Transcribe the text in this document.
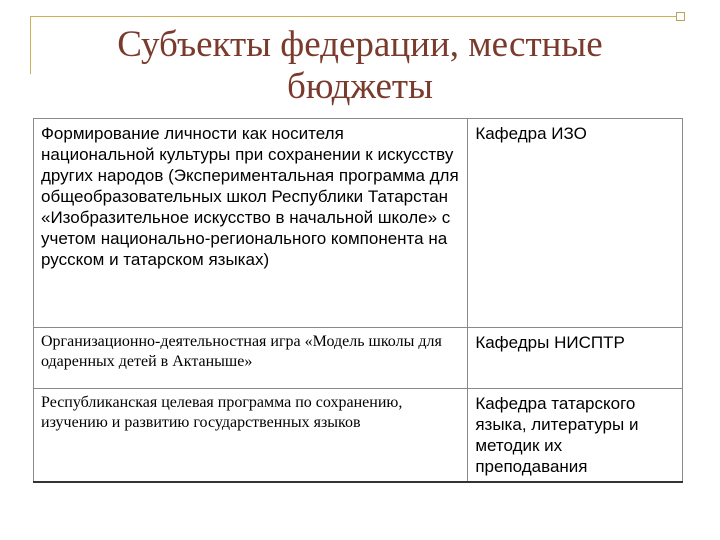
Субъекты федерации, местные
бюджеты
Формирование личности как носителя национальной культуры при сохранении к искусству других народов (Экспериментальная программа для общеобразовательных школ Республики Татарстан «Изобразительное искусство в начальной школе» с учетом национально-регионального компонента на русском и татарском языках)	Кафедра ИЗО
Организационно-деятельностная игра «Модель школы для одаренных детей в Актаныше»	Кафедры НИСПТР
Республиканская целевая программа по сохранению, изучению и развитию государственных языков	Кафедра татарского языка, литературы и методик их преподавания
